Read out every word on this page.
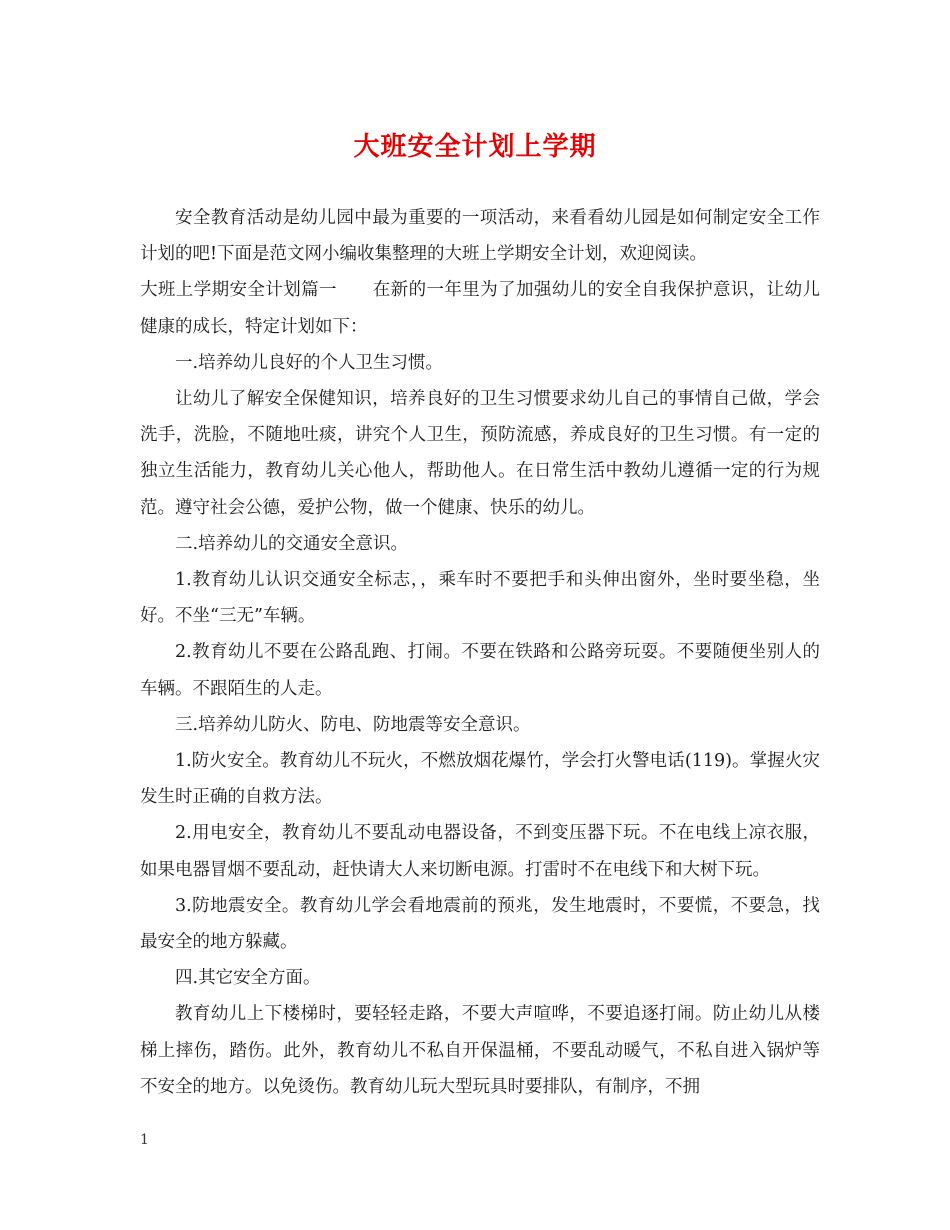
大班安全计划上学期

安全教育活动是幼儿园中最为重要的一项活动，来看看幼儿园是如何制定安全工作计划的吧!下面是范文网小编收集整理的大班上学期安全计划，欢迎阅读。

大班上学期安全计划篇一　　在新的一年里为了加强幼儿的安全自我保护意识，让幼儿健康的成长，特定计划如下：

一.培养幼儿良好的个人卫生习惯。

让幼儿了解安全保健知识，培养良好的卫生习惯要求幼儿自己的事情自己做，学会洗手，洗脸，不随地吐痰，讲究个人卫生，预防流感，养成良好的卫生习惯。有一定的独立生活能力，教育幼儿关心他人，帮助他人。在日常生活中教幼儿遵循一定的行为规范。遵守社会公德，爱护公物，做一个健康、快乐的幼儿。

二.培养幼儿的交通安全意识。

1.教育幼儿认识交通安全标志，，乘车时不要把手和头伸出窗外，坐时要坐稳，坐好。不坐“三无”车辆。

2.教育幼儿不要在公路乱跑、打闹。不要在铁路和公路旁玩耍。不要随便坐别人的车辆。不跟陌生的人走。

三.培养幼儿防火、防电、防地震等安全意识。

1.防火安全。教育幼儿不玩火，不燃放烟花爆竹，学会打火警电话(119)。掌握火灾发生时正确的自救方法。

2.用电安全，教育幼儿不要乱动电器设备，不到变压器下玩。不在电线上凉衣服，如果电器冒烟不要乱动，赶快请大人来切断电源。打雷时不在电线下和大树下玩。

3.防地震安全。教育幼儿学会看地震前的预兆，发生地震时，不要慌，不要急，找最安全的地方躲藏。

四.其它安全方面。

教育幼儿上下楼梯时，要轻轻走路，不要大声喧哗，不要追逐打闹。防止幼儿从楼梯上摔伤，踏伤。此外，教育幼儿不私自开保温桶，不要乱动暖气，不私自进入锅炉等不安全的地方。以免烫伤。教育幼儿玩大型玩具时要排队，有制序，不拥

1
